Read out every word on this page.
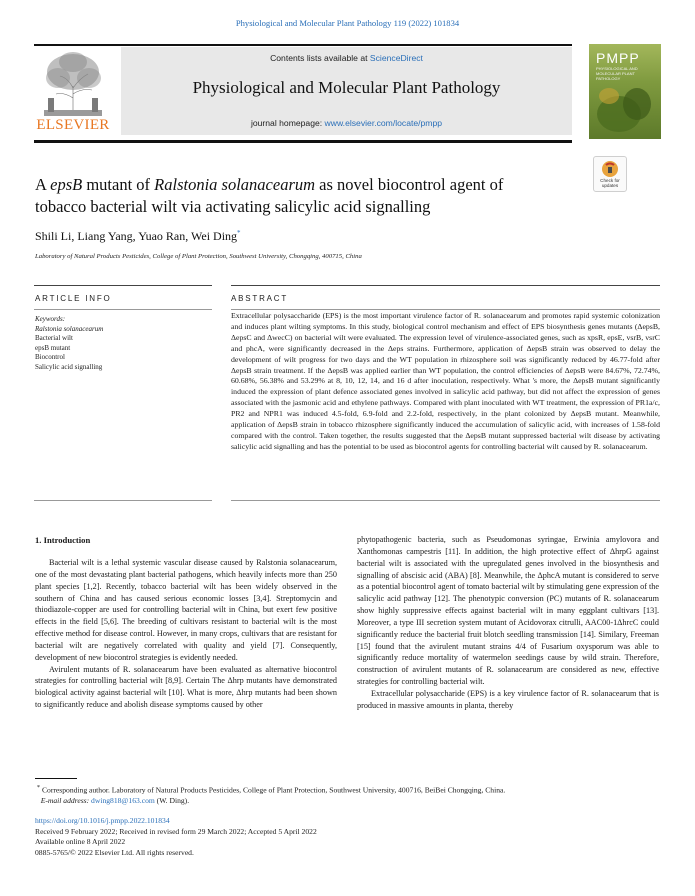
Physiological and Molecular Plant Pathology 119 (2022) 101834
ELSEVIER
Contents lists available at ScienceDirect
Physiological and Molecular Plant Pathology
journal homepage: www.elsevier.com/locate/pmpp
PMPP
PHYSIOLOGICAL AND MOLECULAR PLANT PATHOLOGY
Check for
updates
A epsB mutant of Ralstonia solanacearum as novel biocontrol agent of
tobacco bacterial wilt via activating salicylic acid signalling
Shili Li, Liang Yang, Yuao Ran, Wei Ding*
Laboratory of Natural Products Pesticides, College of Plant Protection, Southwest University, Chongqing, 400715, China
ARTICLE INFO	ABSTRACT
Keywords:
Ralstonia solanacearum
Bacterial wilt
epsB mutant
Biocontrol
Salicylic acid signalling
Extracellular polysaccharide (EPS) is the most important virulence factor of R. solanacearum and promotes rapid systemic colonization and induces plant wilting symptoms. In this study, biological control mechanism and effect of EPS biosynthesis genes mutants (ΔepsB, ΔepsC and ΔwecC) on bacterial wilt were evaluated. The expression level of virulence-associated genes, such as xpsR, epsE, vsrB, vsrC and phcA, were significantly decreased in the Δeps strains. Furthermore, application of ΔepsB strain was observed to delay the development of wilt progress for two days and the WT population in rhizosphere soil was significantly reduced by 46.77-fold after ΔepsB strain treatment. If the ΔepsB was applied earlier than WT population, the control efficiencies of ΔepsB were 84.67%, 72.74%, 60.68%, 56.38% and 53.29% at 8, 10, 12, 14, and 16 d after inoculation, respectively. What 's more, the ΔepsB mutant significantly induced the expression of plant defence associated genes involved in salicylic acid pathway, but did not affect the expression of genes associated with the jasmonic acid and ethylene pathways. Compared with plant inoculated with WT treatment, the expression of PR1a/c, PR2 and NPR1 was induced 4.5-fold, 6.9-fold and 2.2-fold, respectively, in the plant colonized by ΔepsB mutant. Meanwhile, application of ΔepsB strain in tobacco rhizosphere significantly induced the accumulation of salicylic acid, with increases of 1.58-fold compared with the control. Taken together, the results suggested that the ΔepsB mutant suppressed bacterial wilt disease by activating salicylic acid signalling and has the potential to be used as biocontrol agents for controlling bacterial wilt caused by R. solanacearum.
1. Introduction

Bacterial wilt is a lethal systemic vascular disease caused by Ralstonia solanacearum, one of the most devastating plant bacterial pathogens, which heavily infects more than 250 plant species [1,2]. Recently, tobacco bacterial wilt has been widely observed in the southern of China and has caused serious economic losses [3,4]. Streptomycin and thiodiazole-copper are used for controlling bacterial wilt in China, but exert few positive effects in the field [5,6]. The breeding of cultivars resistant to bacterial wilt is the most effective method for disease control. However, in many crops, cultivars that are resistant for bacterial wilt are negatively correlated with quality and yield [7]. Consequently, development of new biocontrol strategies is evidently needed.

Avirulent mutants of R. solanacearum have been evaluated as alternative biocontrol strategies for controlling bacterial wilt [8,9]. Certain The Δhrp mutants have demonstrated biological activity against bacterial wilt [10]. What is more, Δhrp mutants had been shown to significantly reduce and abolish disease symptoms caused by other

phytopathogenic bacteria, such as Pseudomonas syringae, Erwinia amylovora and Xanthomonas campestris [11]. In addition, the high protective effect of ΔhrpG against bacterial wilt is associated with the upregulated genes involved in the biosynthesis and signalling of abscisic acid (ABA) [8]. Meanwhile, the ΔphcA mutant is considered to serve as a potential biocontrol agent of tomato bacterial wilt by stimulating gene expression of the salicylic acid pathway [12]. The phenotypic conversion (PC) mutants of R. solanacearum show highly suppressive effects against bacterial wilt in many eggplant cultivars [13]. Moreover, a type III secretion system mutant of Acidovorax citrulli, AAC00-1ΔhrcC could significantly reduce the bacterial fruit blotch seedling transmission [14]. Similary, Freeman [15] found that the avirulent mutant strains 4/4 of Fusarium oxysporum was able to significantly reduce mortality of watermelon seedings cause by wild strain. Therefore, construction of avirulent mutants of R. solanacearum are considered as new, effective strategies for controlling bacterial wilt.

Extracellular polysaccharide (EPS) is a key virulence factor of R. solanacearum that is produced in massive amounts in planta, thereby

* Corresponding author. Laboratory of Natural Products Pesticides, College of Plant Protection, Southwest University, 400716, BeiBei Chongqing, China.
E-mail address: dwing818@163.com (W. Ding).
https://doi.org/10.1016/j.pmpp.2022.101834
Received 9 February 2022; Received in revised form 29 March 2022; Accepted 5 April 2022
Available online 8 April 2022
0885-5765/© 2022 Elsevier Ltd. All rights reserved.
